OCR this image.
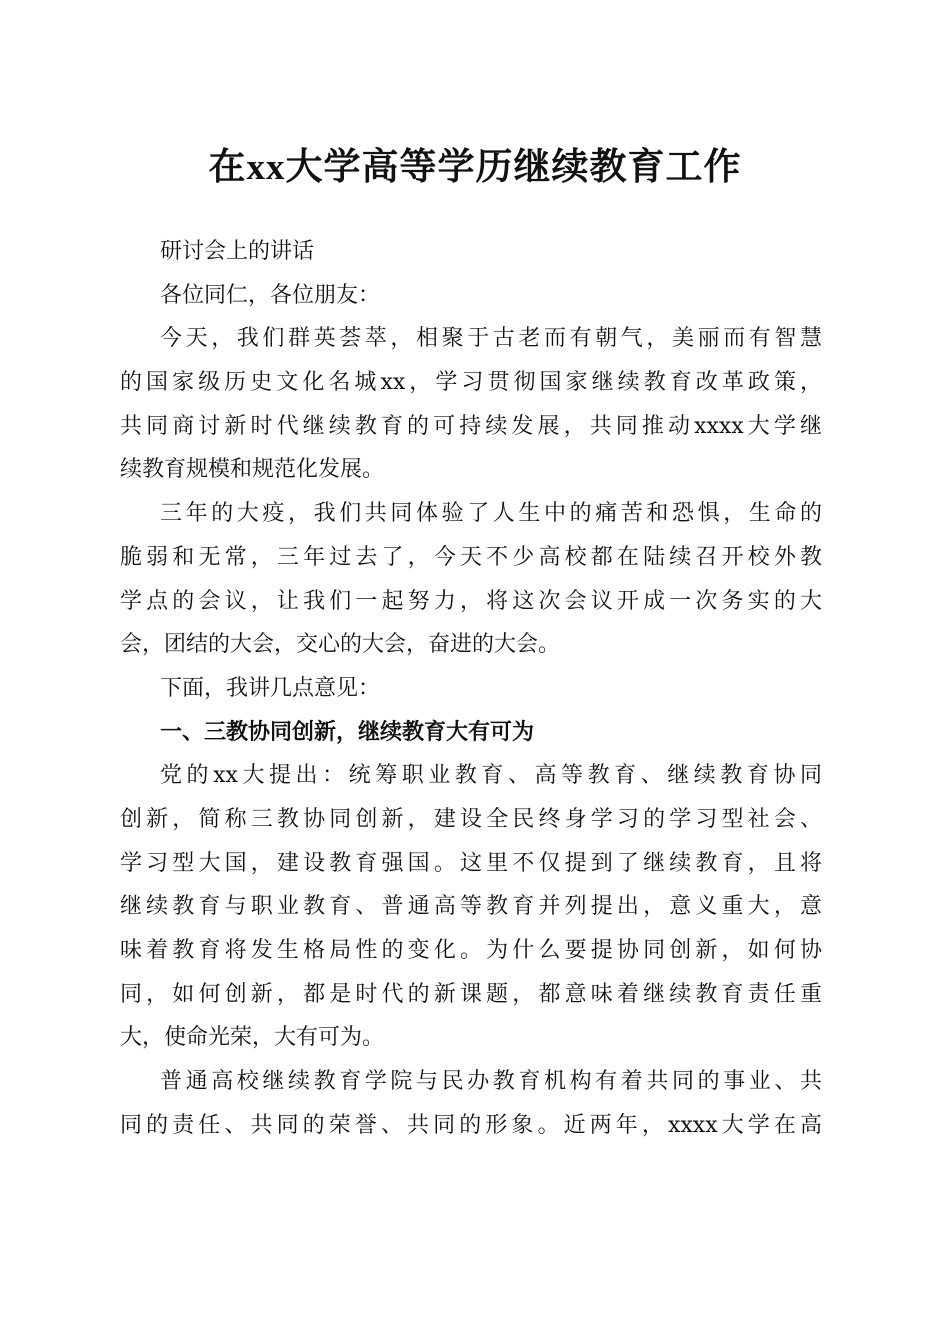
在xx大学高等学历继续教育工作
研讨会上的讲话
各位同仁，各位朋友：
今天，我们群英荟萃，相聚于古老而有朝气，美丽而有智慧
的国家级历史文化名城xx，学习贯彻国家继续教育改革政策，
共同商讨新时代继续教育的可持续发展，共同推动xxxx大学继
续教育规模和规范化发展。
三年的大疫，我们共同体验了人生中的痛苦和恐惧，生命的
脆弱和无常，三年过去了，今天不少高校都在陆续召开校外教
学点的会议，让我们一起努力，将这次会议开成一次务实的大
会，团结的大会，交心的大会，奋进的大会。
下面，我讲几点意见：
一、三教协同创新，继续教育大有可为
党的xx大提出：统筹职业教育、高等教育、继续教育协同
创新，简称三教协同创新，建设全民终身学习的学习型社会、
学习型大国，建设教育强国。这里不仅提到了继续教育，且将
继续教育与职业教育、普通高等教育并列提出，意义重大，意
味着教育将发生格局性的变化。为什么要提协同创新，如何协
同，如何创新，都是时代的新课题，都意味着继续教育责任重
大，使命光荣，大有可为。
普通高校继续教育学院与民办教育机构有着共同的事业、共
同的责任、共同的荣誉、共同的形象。近两年，xxxx大学在高
